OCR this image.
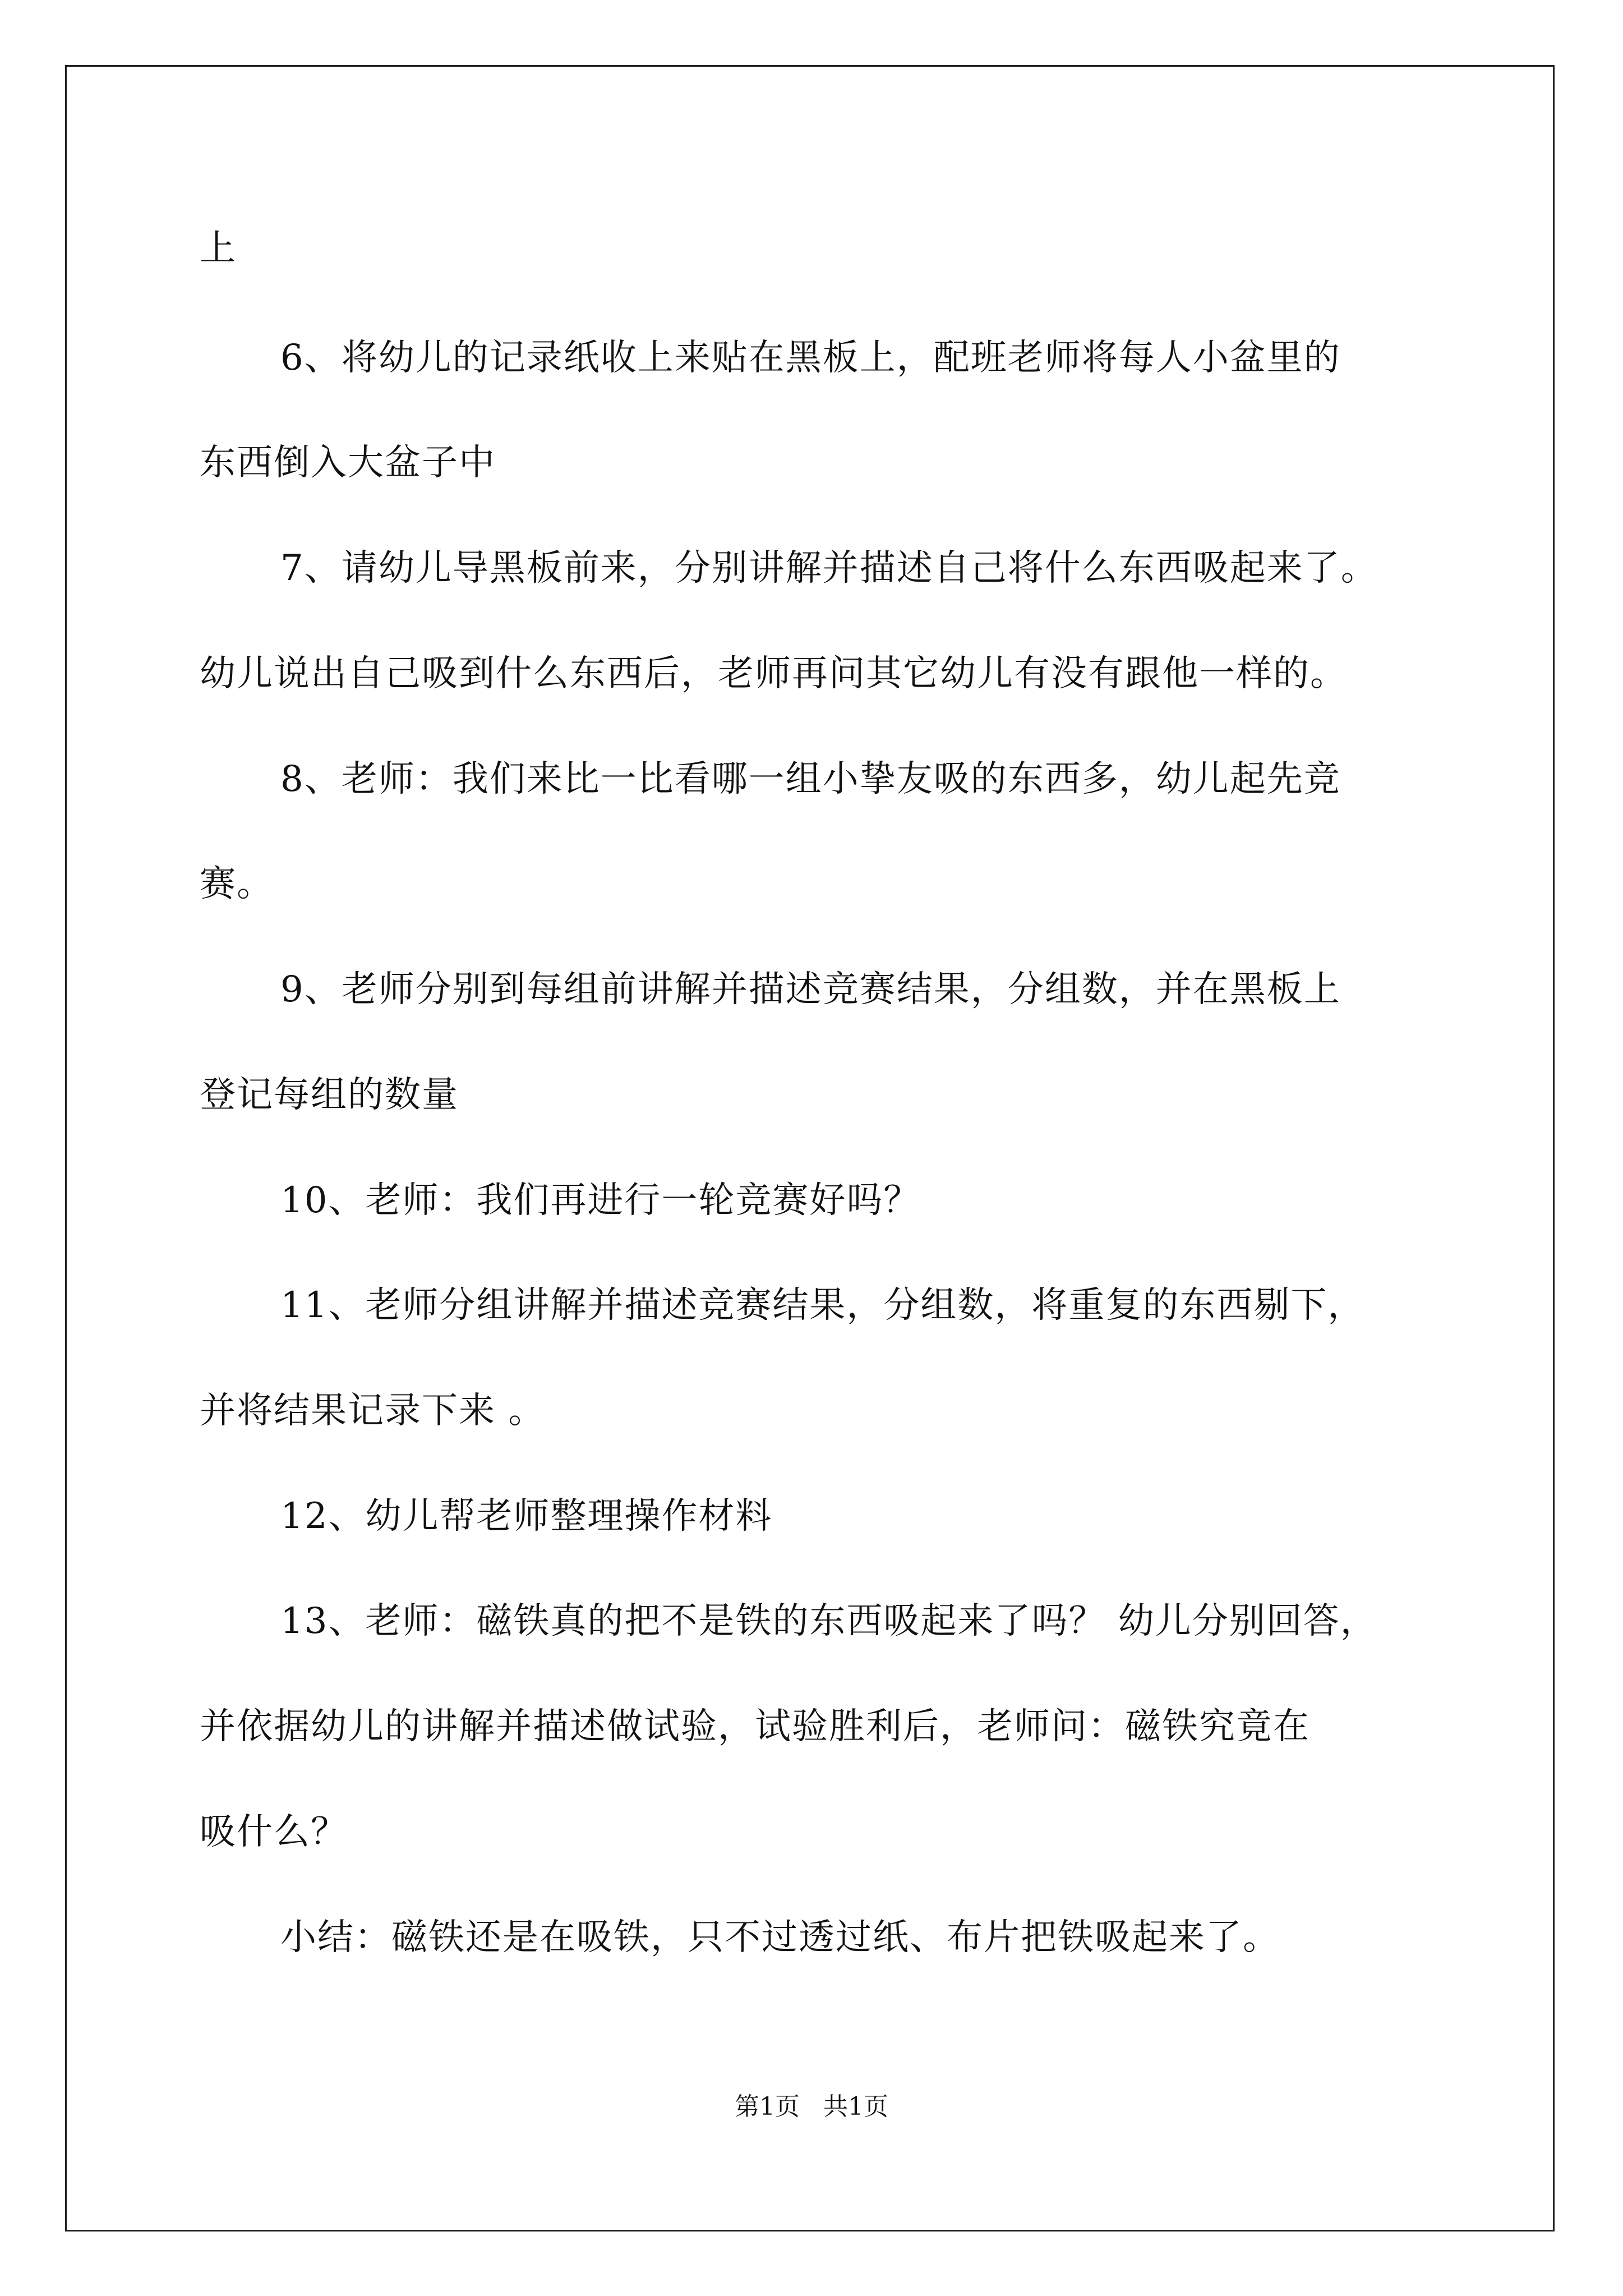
上
6、将幼儿的记录纸收上来贴在黑板上，配班老师将每人小盆里的
东西倒入大盆子中
7、请幼儿导黑板前来，分别讲解并描述自己将什么东西吸起来了。
幼儿说出自己吸到什么东西后，老师再问其它幼儿有没有跟他一样的。
8、老师：我们来比一比看哪一组小挚友吸的东西多，幼儿起先竞
赛。
9、老师分别到每组前讲解并描述竞赛结果，分组数，并在黑板上
登记每组的数量
10、老师：我们再进行一轮竞赛好吗？
11、老师分组讲解并描述竞赛结果，分组数，将重复的东西剔下，
并将结果记录下来 。
12、幼儿帮老师整理操作材料
13、老师：磁铁真的把不是铁的东西吸起来了吗？ 幼儿分别回答，
并依据幼儿的讲解并描述做试验，试验胜利后，老师问：磁铁究竟在
吸什么？
小结：磁铁还是在吸铁，只不过透过纸、布片把铁吸起来了。
第1页   共1页
